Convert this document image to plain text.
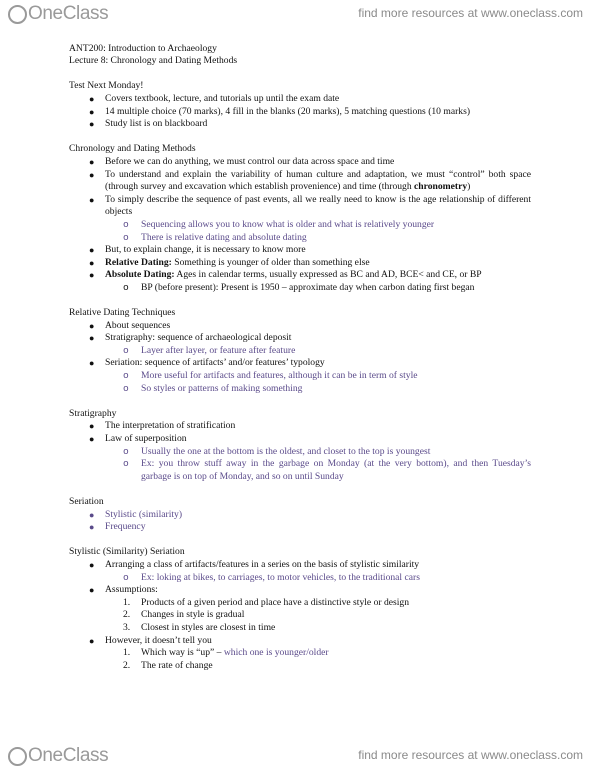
OneClass	find more resources at www.oneclass.com
ANT200: Introduction to Archaeology
Lecture 8: Chronology and Dating Methods
Test Next Monday!
● Covers textbook, lecture, and tutorials up until the exam date
● 14 multiple choice (70 marks), 4 fill in the blanks (20 marks), 5 matching questions (10 marks)
● Study list is on blackboard
Chronology and Dating Methods
● Before we can do anything, we must control our data across space and time
● To understand and explain the variability of human culture and adaptation, we must “control” both space (through survey and excavation which establish provenience) and time (through chronometry)
● To simply describe the sequence of past events, all we really need to know is the age relationship of different objects
o Sequencing allows you to know what is older and what is relatively younger
o There is relative dating and absolute dating
● But, to explain change, it is necessary to know more
● Relative Dating: Something is younger of older than something else
● Absolute Dating: Ages in calendar terms, usually expressed as BC and AD, BCE< and CE, or BP
o BP (before present): Present is 1950 – approximate day when carbon dating first began
Relative Dating Techniques
● About sequences
● Stratigraphy: sequence of archaeological deposit
o Layer after layer, or feature after feature
● Seriation: sequence of artifacts’ and/or features’ typology
o More useful for artifacts and features, although it can be in term of style
o So styles or patterns of making something
Stratigraphy
● The interpretation of stratification
● Law of superposition
o Usually the one at the bottom is the oldest, and closet to the top is youngest
o Ex: you throw stuff away in the garbage on Monday (at the very bottom), and then Tuesday’s garbage is on top of Monday, and so on until Sunday
Seriation
● Stylistic (similarity)
● Frequency
Stylistic (Similarity) Seriation
● Arranging a class of artifacts/features in a series on the basis of stylistic similarity
o Ex: loking at bikes, to carriages, to motor vehicles, to the traditional cars
● Assumptions:
1. Products of a given period and place have a distinctive style or design
2. Changes in style is gradual
3. Closest in styles are closest in time
● However, it doesn’t tell you
1. Which way is “up” – which one is younger/older
2. The rate of change
OneClass	find more resources at www.oneclass.com
